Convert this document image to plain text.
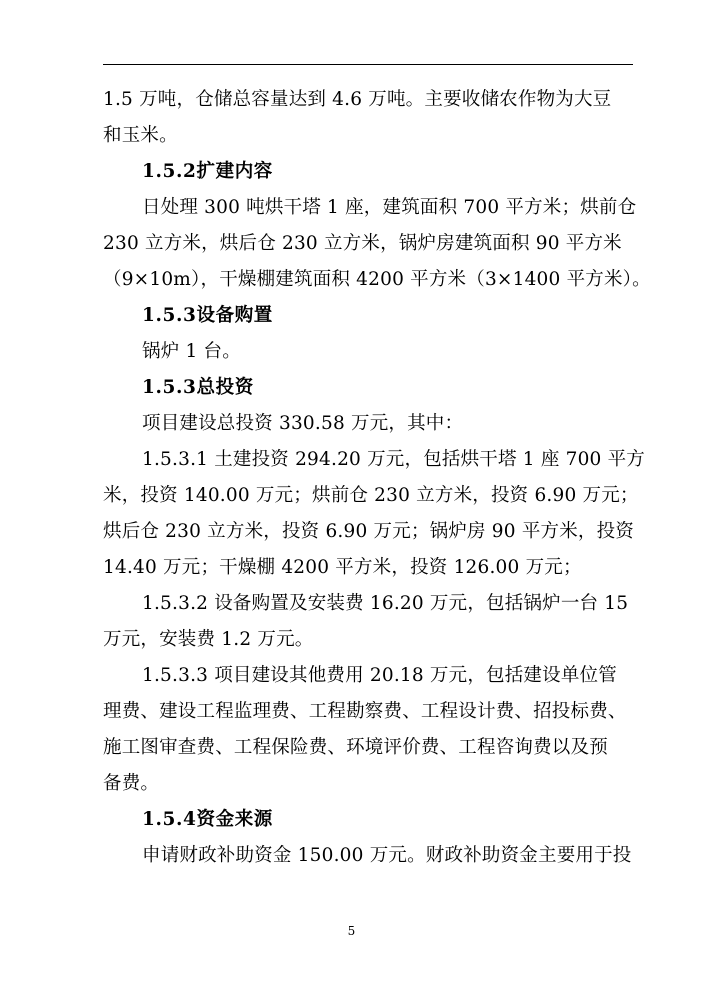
1.5 万吨，仓储总容量达到 4.6 万吨。主要收储农作物为大豆
和玉米。
1.5.2扩建内容
日处理 300 吨烘干塔 1 座，建筑面积 700 平方米；烘前仓
230 立方米，烘后仓 230 立方米，锅炉房建筑面积 90 平方米
（9×10m），干燥棚建筑面积 4200 平方米（3×1400 平方米）。
1.5.3设备购置
锅炉 1 台。
1.5.3总投资
项目建设总投资 330.58 万元，其中：
1.5.3.1 土建投资 294.20 万元，包括烘干塔 1 座 700 平方
米，投资 140.00 万元；烘前仓 230 立方米，投资 6.90 万元；
烘后仓 230 立方米，投资 6.90 万元；锅炉房 90 平方米，投资
14.40 万元；干燥棚 4200 平方米，投资 126.00 万元；
1.5.3.2 设备购置及安装费 16.20 万元，包括锅炉一台 15
万元，安装费 1.2 万元。
1.5.3.3 项目建设其他费用 20.18 万元，包括建设单位管
理费、建设工程监理费、工程勘察费、工程设计费、招投标费、
施工图审查费、工程保险费、环境评价费、工程咨询费以及预
备费。
1.5.4资金来源
申请财政补助资金 150.00 万元。财政补助资金主要用于投
5
